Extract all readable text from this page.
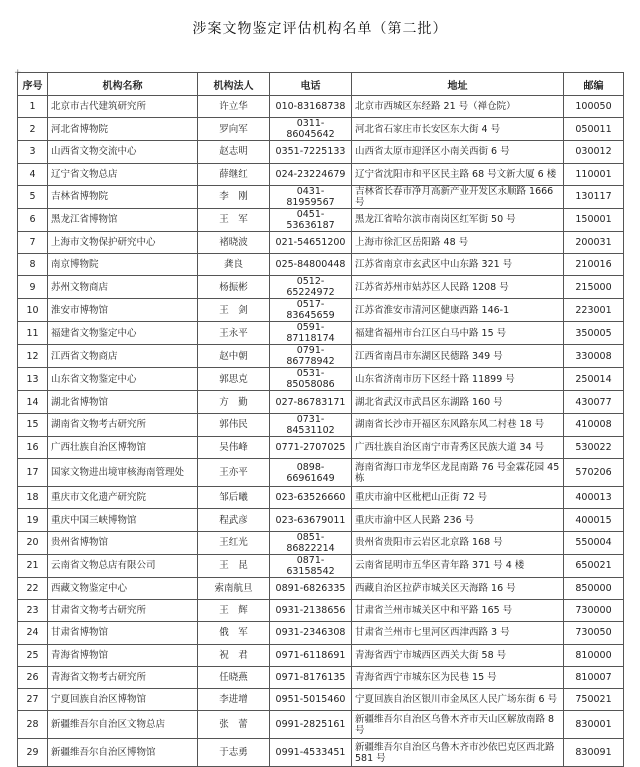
涉案文物鉴定评估机构名单（第二批）
+
序号	机构名称	机构法人	电话	地址	邮编
1	北京市古代建筑研究所	许立华	010-83168738	北京市西城区东经路 21 号（禅仓院）	100050
2	河北省博物院	罗向军	0311-86045642	河北省石家庄市长安区东大街 4 号	050011
3	山西省文物交流中心	赵志明	0351-7225133	山西省太原市迎泽区小南关西街 6 号	030012
4	辽宁省文物总店	薛继红	024-23224679	辽宁省沈阳市和平区民主路 68 号文新大厦 6 楼	110001
5	吉林省博物院	李　刚	0431-81959567	吉林省长春市净月高新产业开发区永顺路 1666 号	130117
6	黑龙江省博物馆	王　军	0451-53636187	黑龙江省哈尔滨市南岗区红军街 50 号	150001
7	上海市文物保护研究中心	褚晓波	021-54651200	上海市徐汇区岳阳路 48 号	200031
8	南京博物院	龚良	025-84800448	江苏省南京市玄武区中山东路 321 号	210016
9	苏州文物商店	杨振彬	0512-65224972	江苏省苏州市姑苏区人民路 1208 号	215000
10	淮安市博物馆	王　剑	0517-83645659	江苏省淮安市清河区健康西路 146-1	223001
11	福建省文物鉴定中心	王永平	0591-87118174	福建省福州市台江区白马中路 15 号	350005
12	江西省文物商店	赵中朝	0791-86778942	江西省南昌市东湖区民德路 349 号	330008
13	山东省文物鉴定中心	郭思克	0531-85058086	山东省济南市历下区经十路 11899 号	250014
14	湖北省博物馆	方　勤	027-86783171	湖北省武汉市武昌区东湖路 160 号	430077
15	湖南省文物考古研究所	郭伟民	0731-84531102	湖南省长沙市开福区东风路东风二村巷 18 号	410008
16	广西壮族自治区博物馆	吴伟峰	0771-2707025	广西壮族自治区南宁市青秀区民族大道 34 号	530022
17	国家文物进出境审核海南管理处	王亦平	0898-66961649	海南省海口市龙华区龙昆南路 76 号金霖花园 45 栋	570206
18	重庆市文化遗产研究院	邹后曦	023-63526660	重庆市渝中区枇杷山正街 72 号	400013
19	重庆中国三峡博物馆	程武彦	023-63679011	重庆市渝中区人民路 236 号	400015
20	贵州省博物馆	王红光	0851-86822214	贵州省贵阳市云岩区北京路 168 号	550004
21	云南省文物总店有限公司	王　昆	0871-63158542	云南省昆明市五华区青年路 371 号 4 楼	650021
22	西藏文物鉴定中心	索南航旦	0891-6826335	西藏自治区拉萨市城关区天海路 16 号	850000
23	甘肃省文物考古研究所	王　辉	0931-2138656	甘肃省兰州市城关区中和平路 165 号	730000
24	甘肃省博物馆	俄　军	0931-2346308	甘肃省兰州市七里河区西津西路 3 号	730050
25	青海省博物馆	祝　君	0971-6118691	青海省西宁市城西区西关大街 58 号	810000
26	青海省文物考古研究所	任晓燕	0971-8176135	青海省西宁市城东区为民巷 15 号	810007
27	宁夏回族自治区博物馆	李进增	0951-5015460	宁夏回族自治区银川市金凤区人民广场东街 6 号	750021
28	新疆维吾尔自治区文物总店	张　蕾	0991-2825161	新疆维吾尔自治区乌鲁木齐市天山区解放南路 8 号	830001
29	新疆维吾尔自治区博物馆	于志勇	0991-4533451	新疆维吾尔自治区乌鲁木齐市沙依巴克区西北路 581 号	830091
